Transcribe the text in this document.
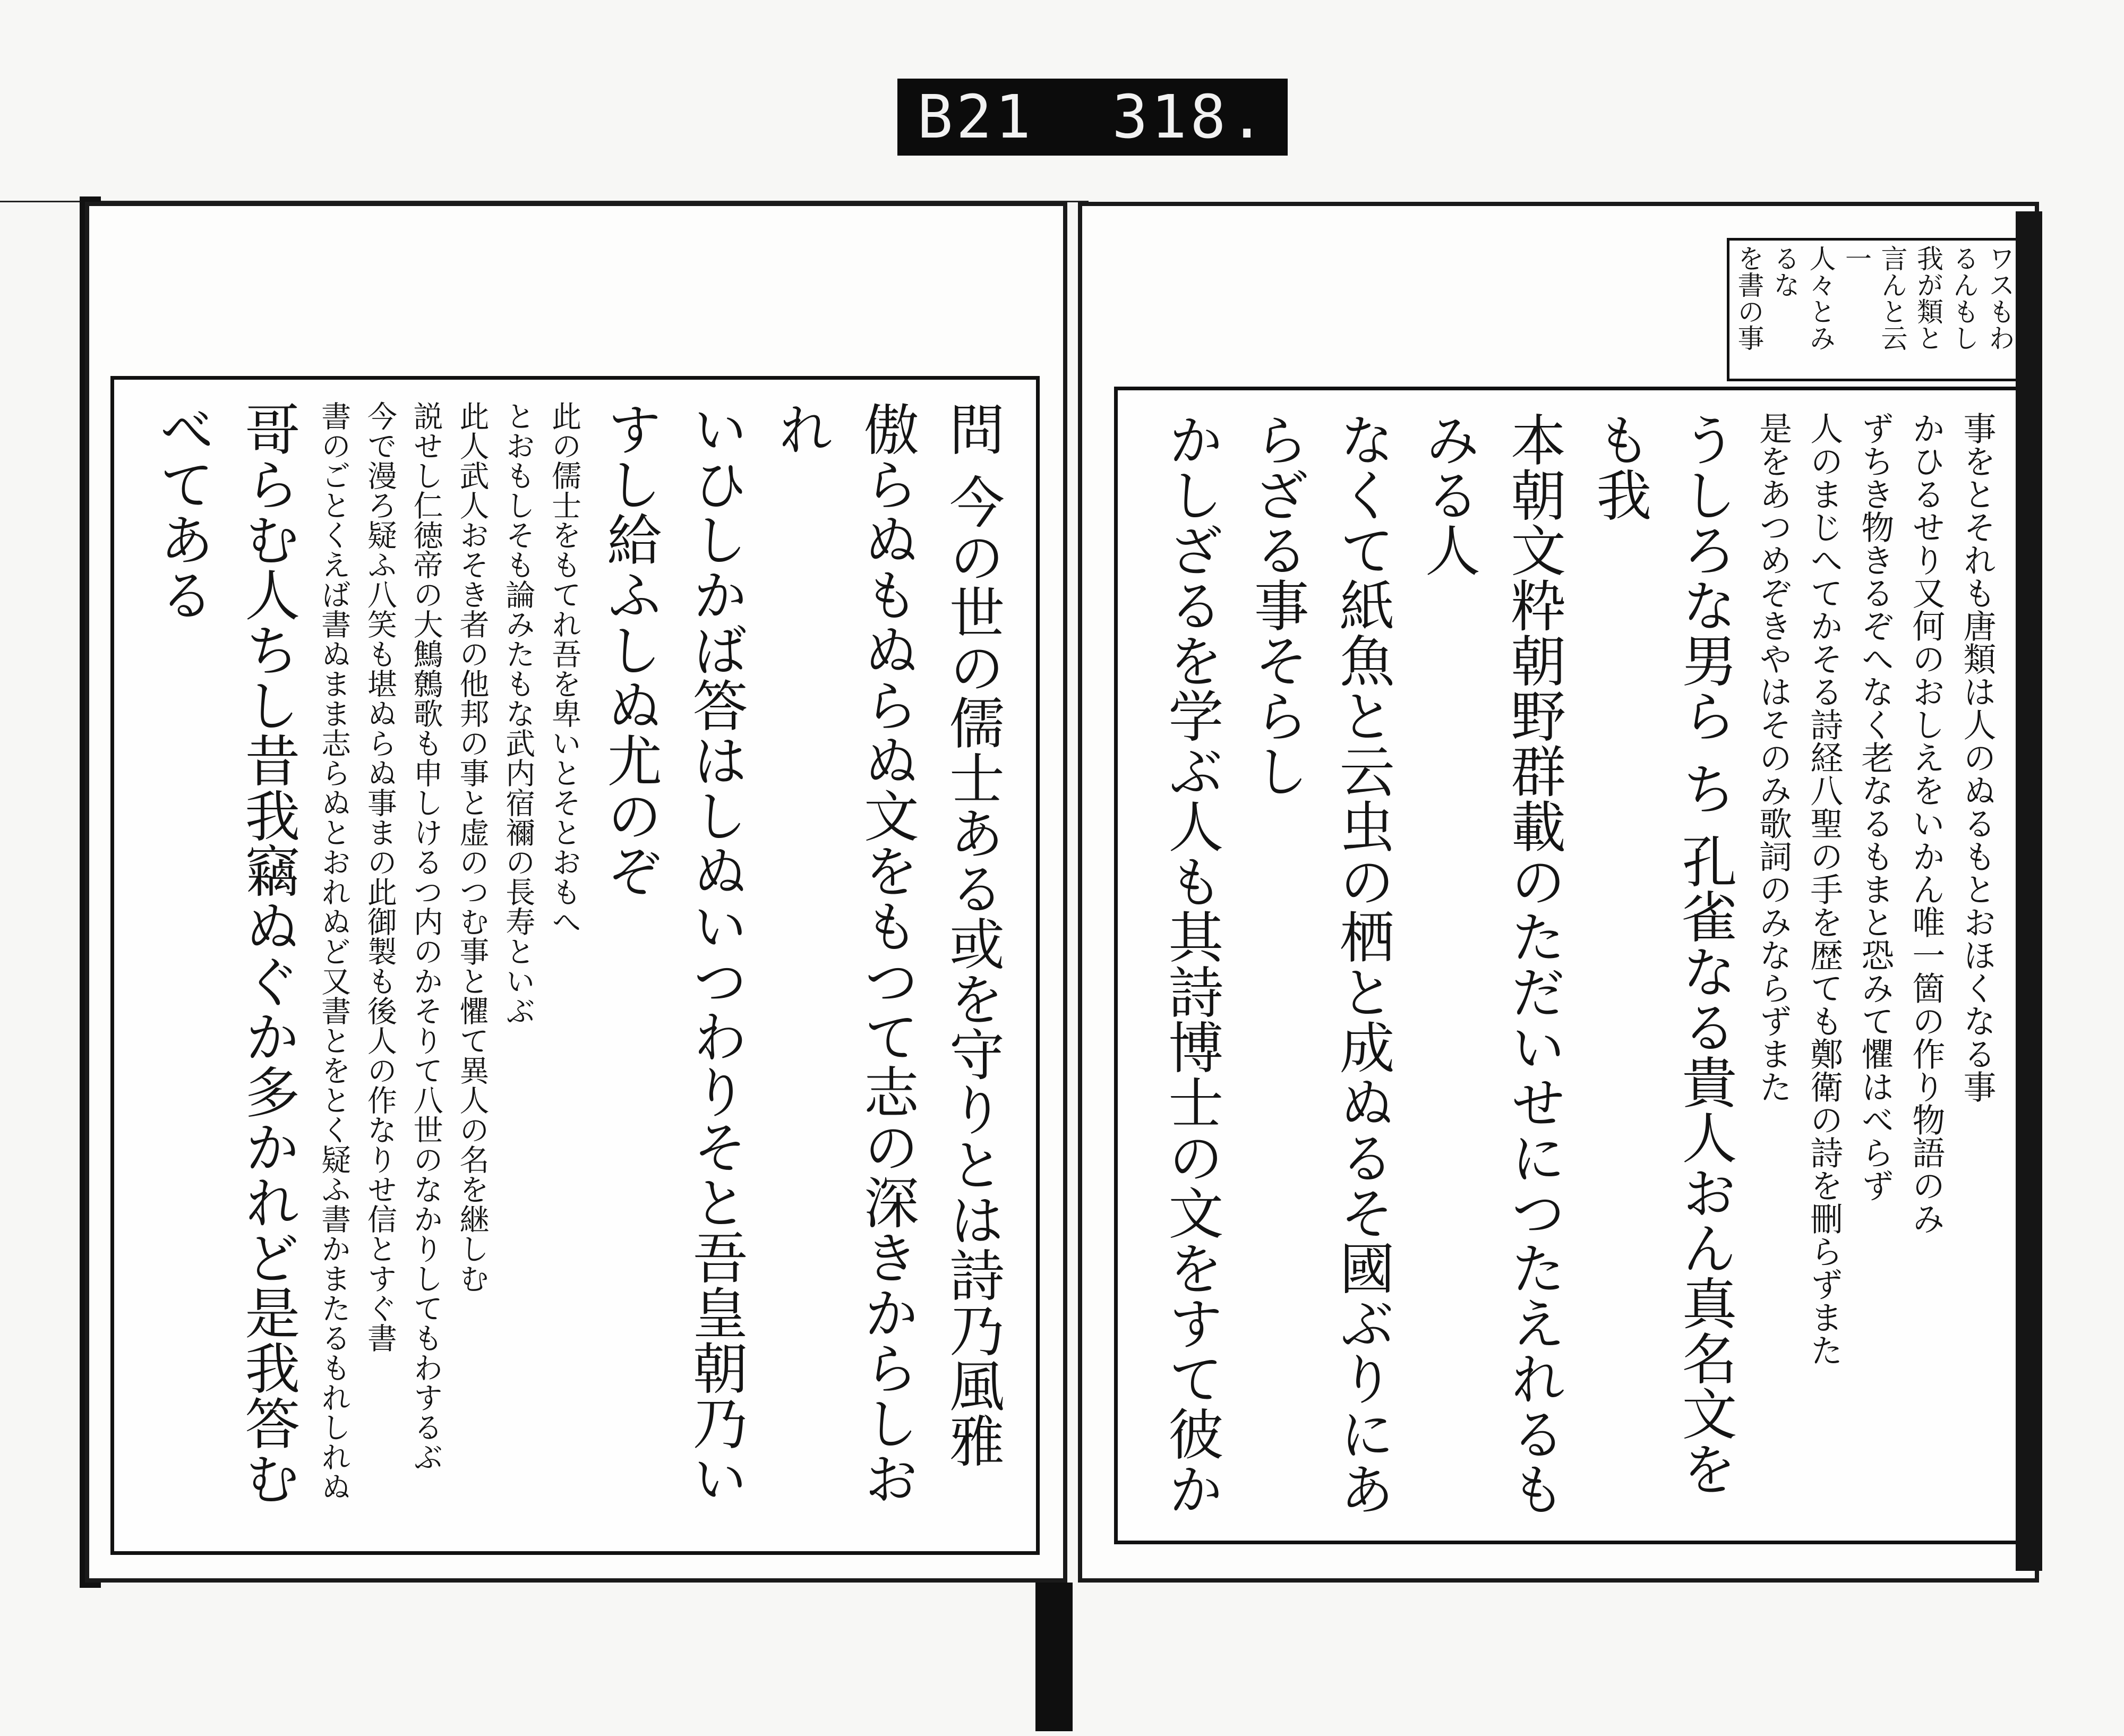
B21  318.

問 今の世の儒士ある或を守りとは詩乃風雅

傲らぬもぬらぬ文をもつて志の深きからしおれ

いひしかば答はしぬいつわりそと吾皇朝乃い

すし給ふしぬ尤のぞ

此の儒士をもてれ吾を卑いとそとおもへ

とおもしそも論みたもな武内宿禰の長寿といぶ

此人武人おそき者の他邦の事と虚のつむ事と懼て異人の名を継しむ

説せし仁徳帝の大鷦鷯歌も申しけるつ内のかそりて八世のなかりしてもわするぶ

今で漫ろ疑ふ八笑も堪ぬらぬ事まの此御製も後人の作なりせ信とすぐ書

書のごとくえば書ぬまま志らぬとおれぬど又書とをとく疑ふ書かまたるもれしれぬ

哥らむ人ちし昔我竊ぬぐか多かれど是我答むべてある

ワスもわるんもし我が類と

言んと云一

人々とみるな

を書の事

事をとそれも唐類は人のぬるもとおほくなる事

かひるせり又何のおしえをいかん唯一箇の作り物語のみ

ずちき物きるぞへなく老なるもまと恐みて懼はべらず

人のまじへてかそる詩経八聖の手を歴ても鄭衛の詩を刪らずまた

是をあつめぞきやはそのみ歌詞のみならずまた

うしろな男ら ち 孔雀なる貴人おん真名文をも我

本朝文粋朝野群載のただいせにつたえれるもみる人

なくて紙魚と云虫の栖と成ぬるそ國ぶりにあらざる事そらし

かしざるを学ぶ人も其詩博士の文をすて彼か
